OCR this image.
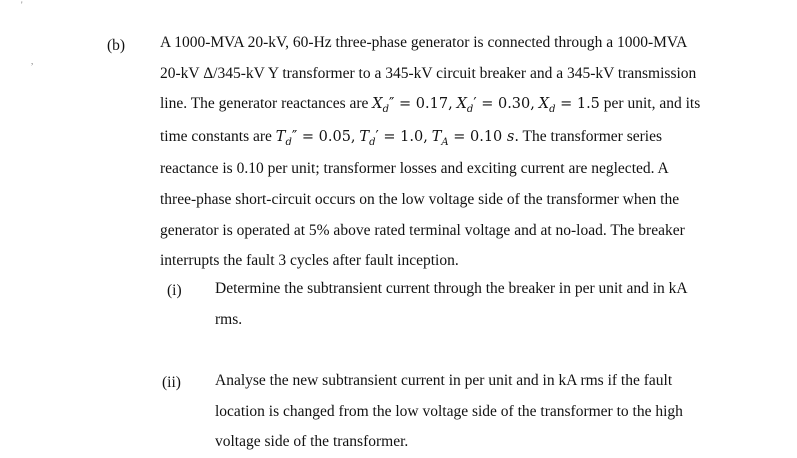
'
,
(b) A 1000-MVA 20-kV, 60-Hz three-phase generator is connected through a 1000-MVA
20-kV Δ/345-kV Y transformer to a 345-kV circuit breaker and a 345-kV transmission
line. The generator reactances are $X_d'' = 0.17$, $X_d' = 0.30$, $X_d = 1.5$ per unit, and its
time constants are $T_d'' = 0.05$, $T_d' = 1.0$, $T_A = 0.10$ s. The transformer series
reactance is 0.10 per unit; transformer losses and exciting current are neglected. A
three-phase short-circuit occurs on the low voltage side of the transformer when the
generator is operated at 5% above rated terminal voltage and at no-load. The breaker
interrupts the fault 3 cycles after fault inception.
(i) Determine the subtransient current through the breaker in per unit and in kA
rms.
(ii) Analyse the new subtransient current in per unit and in kA rms if the fault
location is changed from the low voltage side of the transformer to the high
voltage side of the transformer.
